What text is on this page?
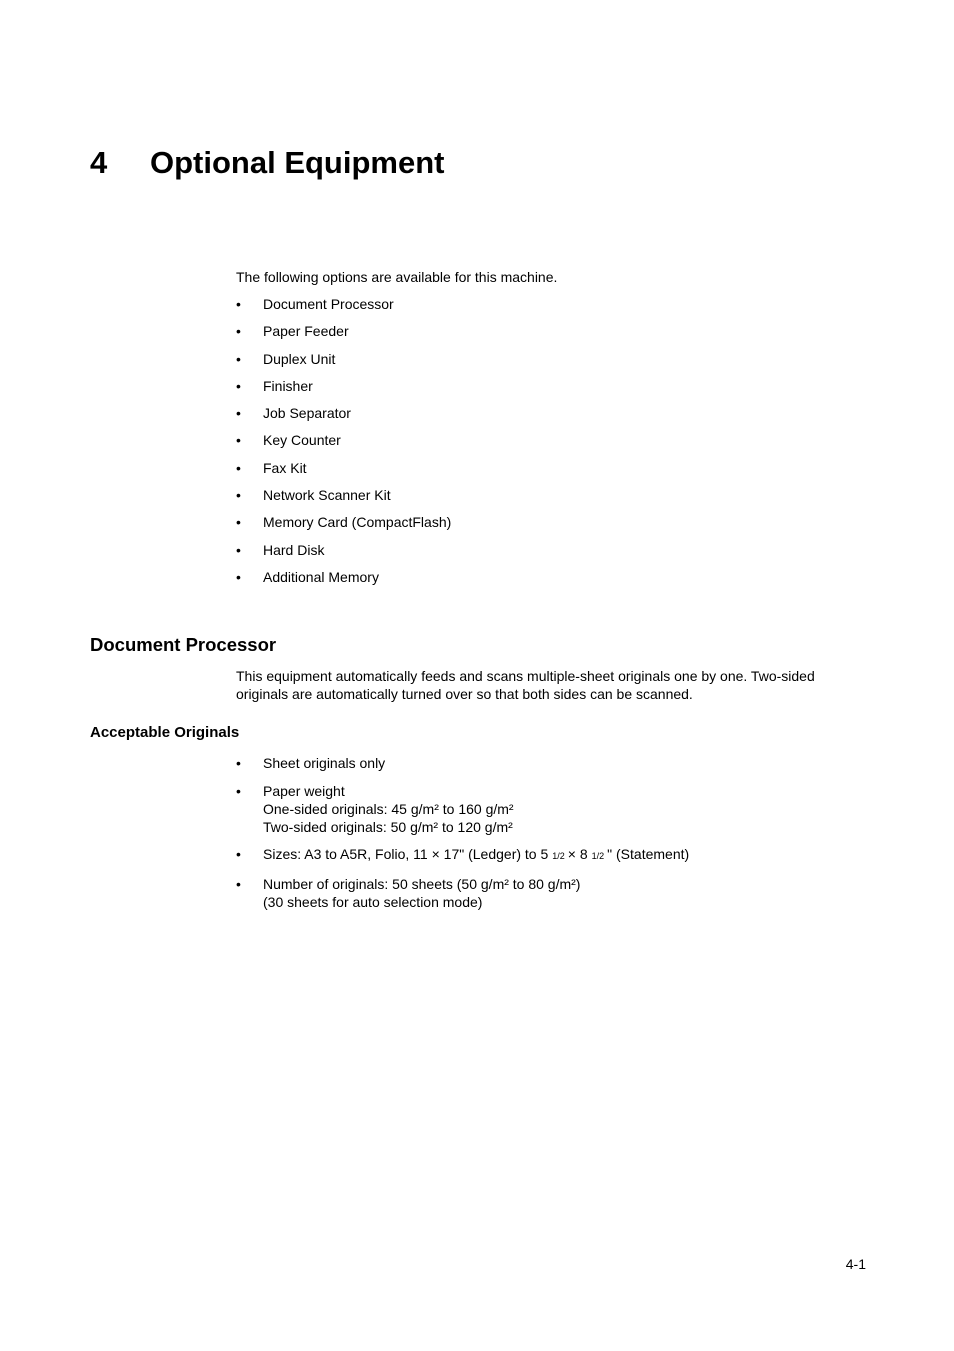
4 Optional Equipment

The following options are available for this machine.

• Document Processor
• Paper Feeder
• Duplex Unit
• Finisher
• Job Separator
• Key Counter
• Fax Kit
• Network Scanner Kit
• Memory Card (CompactFlash)
• Hard Disk
• Additional Memory
Document Processor

This equipment automatically feeds and scans multiple-sheet originals one by one. Two-sided originals are automatically turned over so that both sides can be scanned.

Acceptable Originals
• Sheet originals only
• Paper weight
One-sided originals: 45 g/m² to 160 g/m²
Two-sided originals: 50 g/m² to 120 g/m²
• Sizes: A3 to A5R, Folio, 11 × 17" (Ledger) to 5 1/2 × 8 1/2 " (Statement)
• Number of originals: 50 sheets (50 g/m² to 80 g/m²)
(30 sheets for auto selection mode)
4-1
